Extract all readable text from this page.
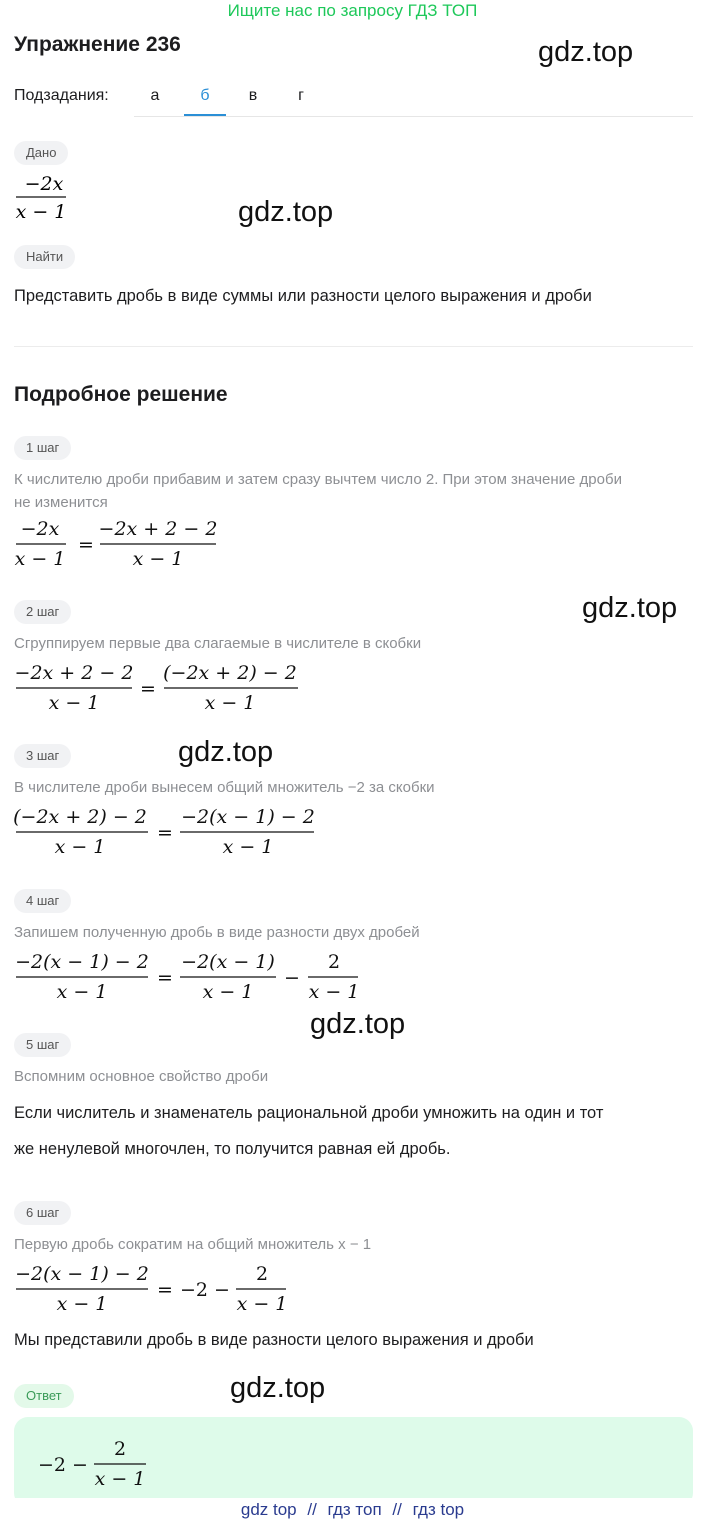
Ищите нас по запросу ГДЗ ТОП
Упражнение 236	gdz.top
Подзадания:	а	б	в	г
Дано
−2x
x − 1	gdz.top
Найти
Представить дробь в виде суммы или разности целого выражения и дроби
Подробное решение
1 шаг
К числителю дроби прибавим и затем сразу вычтем число 2. При этом значение дроби
не изменится
−2x
x − 1
=
−2x + 2 − 2
x − 1
gdz.top
2 шаг
Сгруппируем первые два слагаемые в числителе в скобки
−2x + 2 − 2
x − 1
=
(−2x + 2) − 2
x − 1
gdz.top
3 шаг
В числителе дроби вынесем общий множитель −2 за скобки
(−2x + 2) − 2
x − 1
=
−2(x − 1) − 2
x − 1
4 шаг
Запишем полученную дробь в виде разности двух дробей
−2(x − 1) − 2
x − 1
=
−2(x − 1)
x − 1
−
2
x − 1
gdz.top
5 шаг
Вспомним основное свойство дроби
Если числитель и знаменатель рациональной дроби умножить на один и тот
же ненулевой многочлен, то получится равная ей дробь.
6 шаг
Первую дробь сократим на общий множитель x − 1
−2(x − 1) − 2
x − 1
= −2 −
2
x − 1
Мы представили дробь в виде разности целого выражения и дроби
Ответ	gdz.top
−2 −
2
x − 1
gdz top // гдз топ // гдз top
